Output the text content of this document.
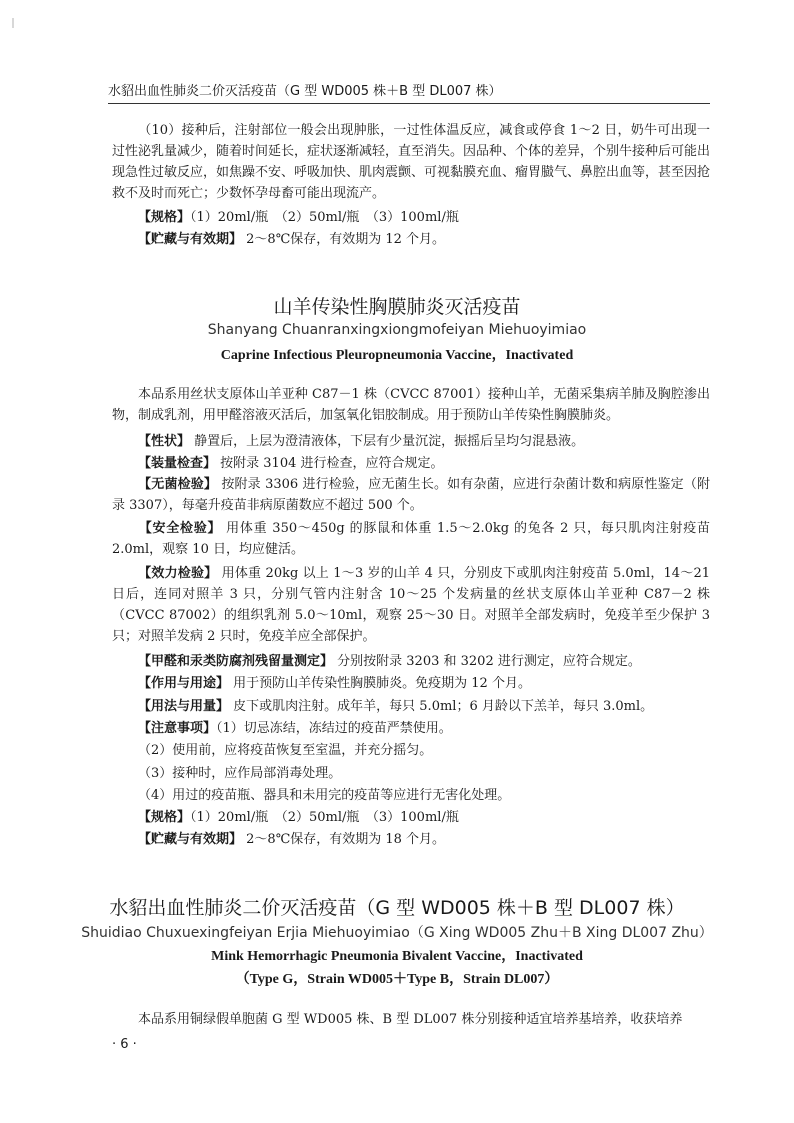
水貂出血性肺炎二价灭活疫苗（G 型 WD005 株＋B 型 DL007 株）

（10）接种后，注射部位一般会出现肿胀，一过性体温反应，减食或停食 1～2 日，奶牛可出现一过性泌乳量减少，随着时间延长，症状逐渐减轻，直至消失。因品种、个体的差异，个别牛接种后可能出现急性过敏反应，如焦躁不安、呼吸加快、肌肉震颤、可视黏膜充血、瘤胃臌气、鼻腔出血等，甚至因抢救不及时而死亡；少数怀孕母畜可能出现流产。

【规格】（1）20ml/瓶　（2）50ml/瓶　（3）100ml/瓶

【贮藏与有效期】 2～8℃保存，有效期为 12 个月。

山羊传染性胸膜肺炎灭活疫苗
Shanyang Chuanranxingxiongmofeiyan Miehuoyimiao
Caprine Infectious Pleuropneumonia Vaccine，Inactivated

本品系用丝状支原体山羊亚种 C87－1 株（CVCC 87001）接种山羊，无菌采集病羊肺及胸腔渗出物，制成乳剂，用甲醛溶液灭活后，加氢氧化铝胶制成。用于预防山羊传染性胸膜肺炎。

【性状】 静置后，上层为澄清液体，下层有少量沉淀，振摇后呈均匀混悬液。

【装量检查】 按附录 3104 进行检查，应符合规定。

【无菌检验】 按附录 3306 进行检验，应无菌生长。如有杂菌，应进行杂菌计数和病原性鉴定（附录 3307），每毫升疫苗非病原菌数应不超过 500 个。

【安全检验】 用体重 350～450g 的豚鼠和体重 1.5～2.0kg 的兔各 2 只，每只肌肉注射疫苗 2.0ml，观察 10 日，均应健活。

【效力检验】 用体重 20kg 以上 1～3 岁的山羊 4 只，分别皮下或肌肉注射疫苗 5.0ml，14～21 日后，连同对照羊 3 只，分别气管内注射含 10～25 个发病量的丝状支原体山羊亚种 C87－2 株（CVCC 87002）的组织乳剂 5.0～10ml，观察 25～30 日。对照羊全部发病时，免疫羊至少保护 3 只；对照羊发病 2 只时，免疫羊应全部保护。

【甲醛和汞类防腐剂残留量测定】 分别按附录 3203 和 3202 进行测定，应符合规定。

【作用与用途】 用于预防山羊传染性胸膜肺炎。免疫期为 12 个月。

【用法与用量】 皮下或肌肉注射。成年羊，每只 5.0ml；6 月龄以下羔羊，每只 3.0ml。

【注意事项】（1）切忌冻结，冻结过的疫苗严禁使用。

（2）使用前，应将疫苗恢复至室温，并充分摇匀。

（3）接种时，应作局部消毒处理。

（4）用过的疫苗瓶、器具和未用完的疫苗等应进行无害化处理。

【规格】（1）20ml/瓶　（2）50ml/瓶　（3）100ml/瓶

【贮藏与有效期】 2～8℃保存，有效期为 18 个月。

水貂出血性肺炎二价灭活疫苗（G 型 WD005 株＋B 型 DL007 株）
Shuidiao Chuxuexingfeiyan Erjia Miehuoyimiao（G Xing WD005 Zhu＋B Xing DL007 Zhu）
Mink Hemorrhagic Pneumonia Bivalent Vaccine，Inactivated
（Type G，Strain WD005＋Type B，Strain DL007）

本品系用铜绿假单胞菌 G 型 WD005 株、B 型 DL007 株分别接种适宜培养基培养，收获培养

· 6 ·
